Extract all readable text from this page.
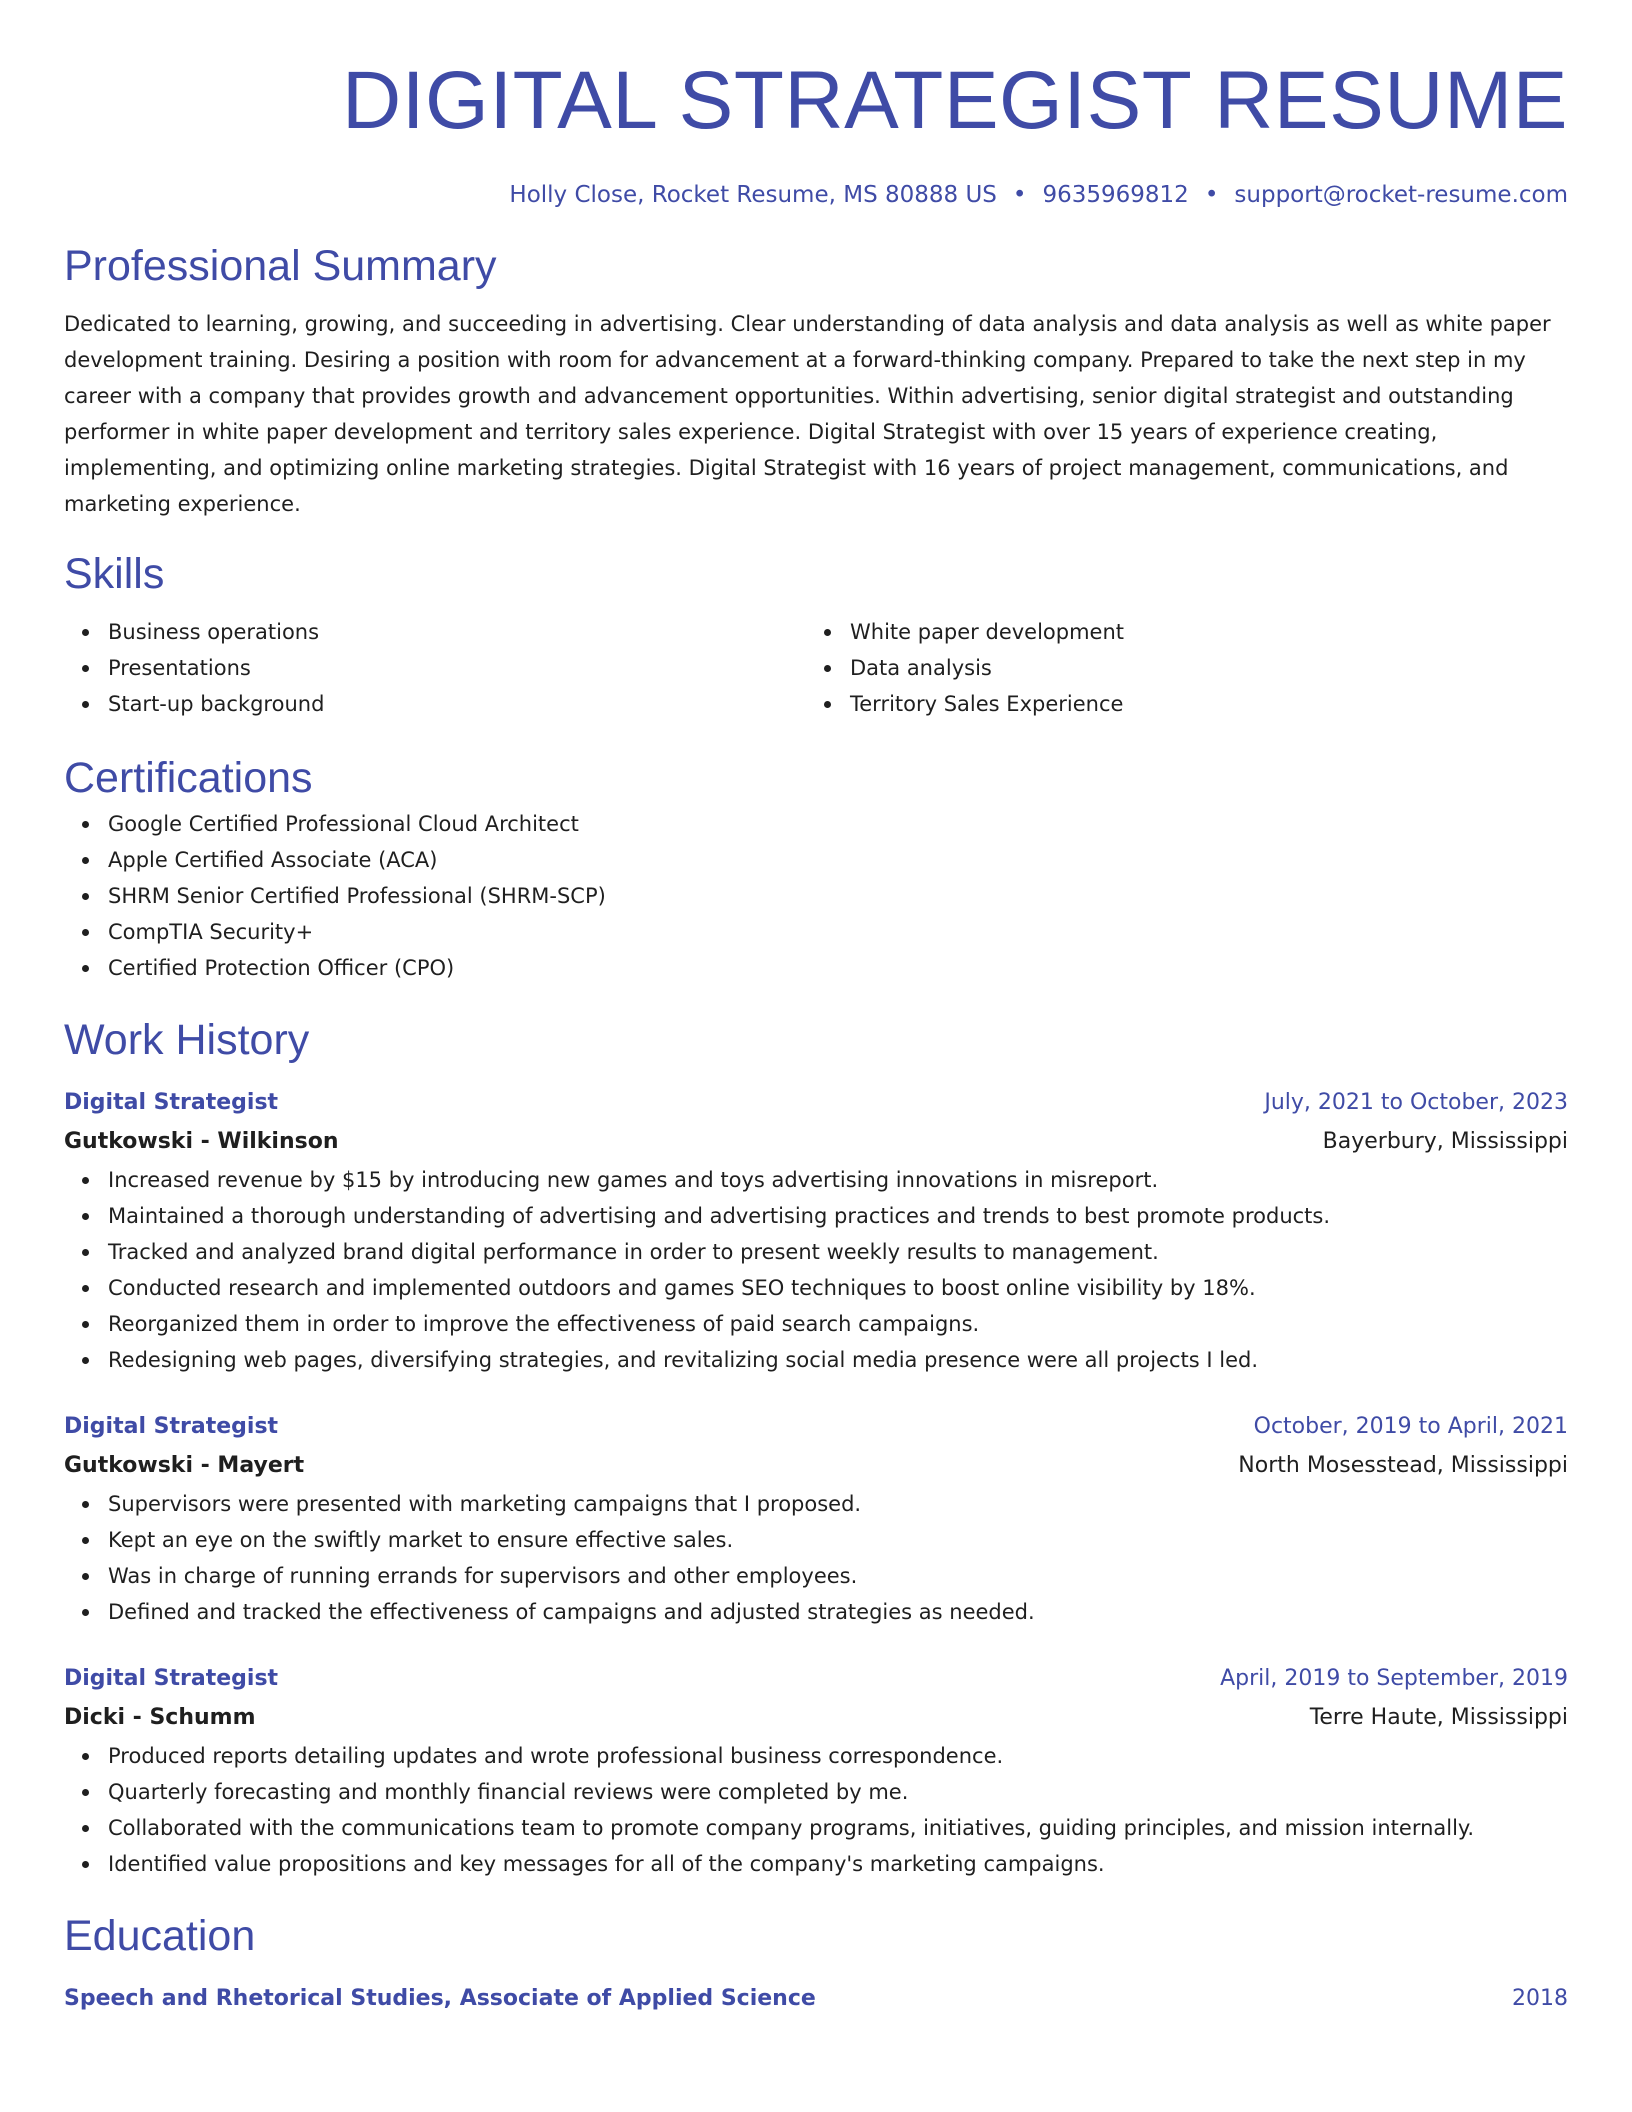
DIGITAL STRATEGIST RESUME
Holly Close, Rocket Resume, MS 80888 US • 9635969812 • support@rocket-resume.com
Professional Summary

Dedicated to learning, growing, and succeeding in advertising. Clear understanding of data analysis and data analysis as well as white paper development training. Desiring a position with room for advancement at a forward-thinking company. Prepared to take the next step in my career with a company that provides growth and advancement opportunities. Within advertising, senior digital strategist and outstanding performer in white paper development and territory sales experience. Digital Strategist with over 15 years of experience creating, implementing, and optimizing online marketing strategies. Digital Strategist with 16 years of project management, communications, and marketing experience.

Skills
Business operations
Presentations
Start-up background
White paper development
Data analysis
Territory Sales Experience
Certifications
Google Certified Professional Cloud Architect
Apple Certified Associate (ACA)
SHRM Senior Certified Professional (SHRM-SCP)
CompTIA Security+
Certified Protection Officer (CPO)
Work History
Digital Strategist	July, 2021 to October, 2023
Gutkowski - Wilkinson	Bayerbury, Mississippi
Increased revenue by $15 by introducing new games and toys advertising innovations in misreport.
Maintained a thorough understanding of advertising and advertising practices and trends to best promote products.
Tracked and analyzed brand digital performance in order to present weekly results to management.
Conducted research and implemented outdoors and games SEO techniques to boost online visibility by 18%.
Reorganized them in order to improve the effectiveness of paid search campaigns.
Redesigning web pages, diversifying strategies, and revitalizing social media presence were all projects I led.
Digital Strategist	October, 2019 to April, 2021
Gutkowski - Mayert	North Mosesstead, Mississippi
Supervisors were presented with marketing campaigns that I proposed.
Kept an eye on the swiftly market to ensure effective sales.
Was in charge of running errands for supervisors and other employees.
Defined and tracked the effectiveness of campaigns and adjusted strategies as needed.
Digital Strategist	April, 2019 to September, 2019
Dicki - Schumm	Terre Haute, Mississippi
Produced reports detailing updates and wrote professional business correspondence.
Quarterly forecasting and monthly financial reviews were completed by me.
Collaborated with the communications team to promote company programs, initiatives, guiding principles, and mission internally.
Identified value propositions and key messages for all of the company's marketing campaigns.
Education
Speech and Rhetorical Studies, Associate of Applied Science	2018
